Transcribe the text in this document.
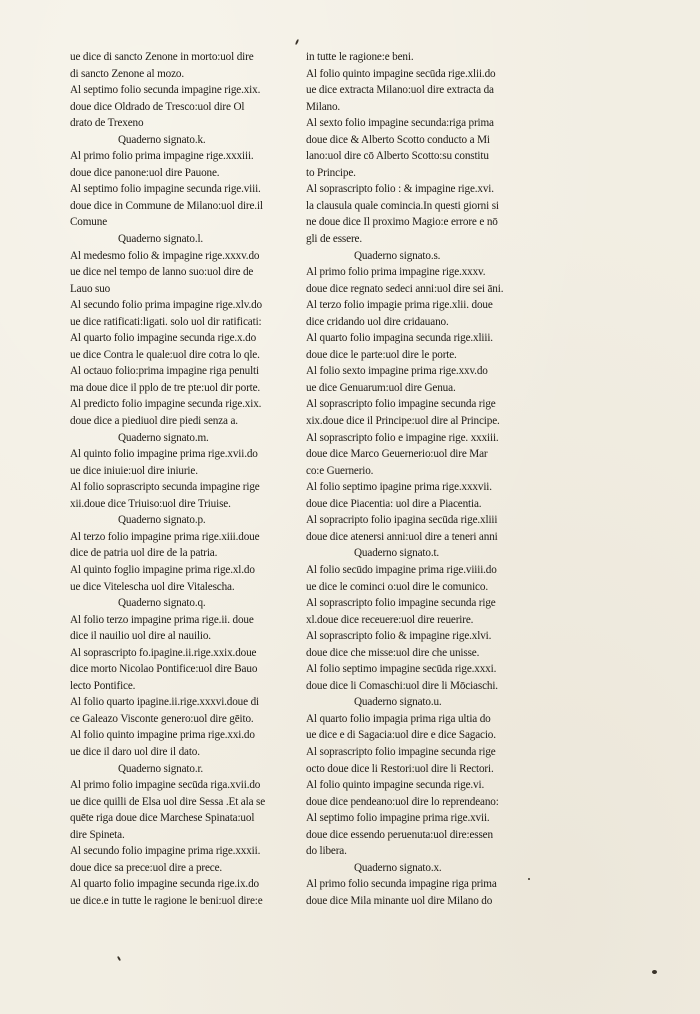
ue dice di sancto Zenone in morto:uol dire
di sancto Zenone al mozo.
Al septimo folio secunda impagine rige.xix.
doue dice Oldrado de Tresco:uol dire Ol
drato de Trexeno
Quaderno signato.k.
Al primo folio prima impagine rige.xxxiii.
doue dice panone:uol dire Pauone.
Al septimo folio impagine secunda rige.viii.
doue dice in Commune de Milano:uol dire.il
Comune
Quaderno signato.l.
Al medesmo folio & impagine rige.xxxv.do
ue dice nel tempo de lanno suo:uol dire de
Lauo suo
Al secundo folio prima impagine rige.xlv.do
ue dice ratificati:ligati. solo uol dir ratificati:
Al quarto folio impagine secunda rige.x.do
ue dice Contra le quale:uol dire cotra lo qle.
Al octauo folio:prima impagine riga penulti
ma doue dice il pplo de tre pte:uol dir porte.
Al predicto folio impagine secunda rige.xix.
doue dice a piediuol dire piedi senza a.
Quaderno signato.m.
Al quinto folio impagine prima rige.xvii.do
ue dice iniuie:uol dire iniurie.
Al folio soprascripto secunda impagine rige
xii.doue dice Triuiso:uol dire Triuise.
Quaderno signato.p.
Al terzo folio impagine prima rige.xiii.doue
dice de patria uol dire de la patria.
Al quinto foglio impagine prima rige.xl.do
ue dice Vitelescha uol dire Vitalescha.
Quaderno signato.q.
Al folio terzo impagine prima rige.ii. doue
dice il nauilio uol dire al nauilio.
Al soprascripto fo.ipagine.ii.rige.xxix.doue
dice morto Nicolao Pontifice:uol dire Bauo
lecto Pontifice.
Al folio quarto ipagine.ii.rige.xxxvi.doue di
ce Galeazo Visconte genero:uol dire gēito.
Al folio quinto impagine prima rige.xxi.do
ue dice il daro uol dire il dato.
Quaderno signato.r.
Al primo folio impagine secūda riga.xvii.do
ue dice quilli de Elsa uol dire Sessa .Et ala se
quēte riga doue dice Marchese Spinata:uol
dire Spineta.
Al secundo folio impagine prima rige.xxxii.
doue dice sa prece:uol dire a prece.
Al quarto folio impagine secunda rige.ix.do
ue dice.e in tutte le ragione le beni:uol dire:e
in tutte le ragione:e beni.
Al folio quinto impagine secūda rige.xlii.do
ue dice extracta Milano:uol dire extracta da
Milano.
Al sexto folio impagine secunda:riga prima
doue dice & Alberto Scotto conducto a Mi
lano:uol dire cō Alberto Scotto:su constitu
to Principe.
Al soprascripto folio : & impagine rige.xvi.
la clausula quale comincia.In questi giorni si
ne doue dice Il proximo Magio:e errore e nō
gli de essere.
Quaderno signato.s.
Al primo folio prima impagine rige.xxxv.
doue dice regnato sedeci anni:uol dire sei āni.
Al terzo folio impagie prima rige.xlii. doue
dice cridando uol dire cridauano.
Al quarto folio impagina secunda rige.xliii.
doue dice le parte:uol dire le porte.
Al folio sexto impagine prima rige.xxv.do
ue dice Genuarum:uol dire Genua.
Al soprascripto folio impagine secunda rige
xix.doue dice il Principe:uol dire al Principe.
Al soprascripto folio e impagine rige. xxxiii.
doue dice Marco Geuernerio:uol dire Mar
co:e Guernerio.
Al folio septimo ipagine prima rige.xxxvii.
doue dice Piacentia: uol dire a Piacentia.
Al sopracripto folio ipagina secūda rige.xliii
doue dice atenersi anni:uol dire a teneri anni
Quaderno signato.t.
Al folio secūdo impagine prima rige.viiii.do
ue dice le cominci o:uol dire le comunico.
Al soprascripto folio impagine secunda rige
xl.doue dice receuere:uol dire reuerire.
Al soprascripto folio & impagine rige.xlvi.
doue dice che misse:uol dire che unisse.
Al folio septimo impagine secūda rige.xxxi.
doue dice li Comaschi:uol dire li Mōciaschi.
Quaderno signato.u.
Al quarto folio impagia prima riga ultia do
ue dice e di Sagacia:uol dire e dice Sagacio.
Al soprascripto folio impagine secunda rige
octo doue dice li Restori:uol dire li Rectori.
Al folio quinto impagine secunda rige.vi.
doue dice pendeano:uol dire lo reprendeano:
Al septimo folio impagine prima rige.xvii.
doue dice essendo peruenuta:uol dire:essen
do libera.
Quaderno signato.x.
Al primo folio secunda impagine riga prima
doue dice Mila minante uol dire Milano do
